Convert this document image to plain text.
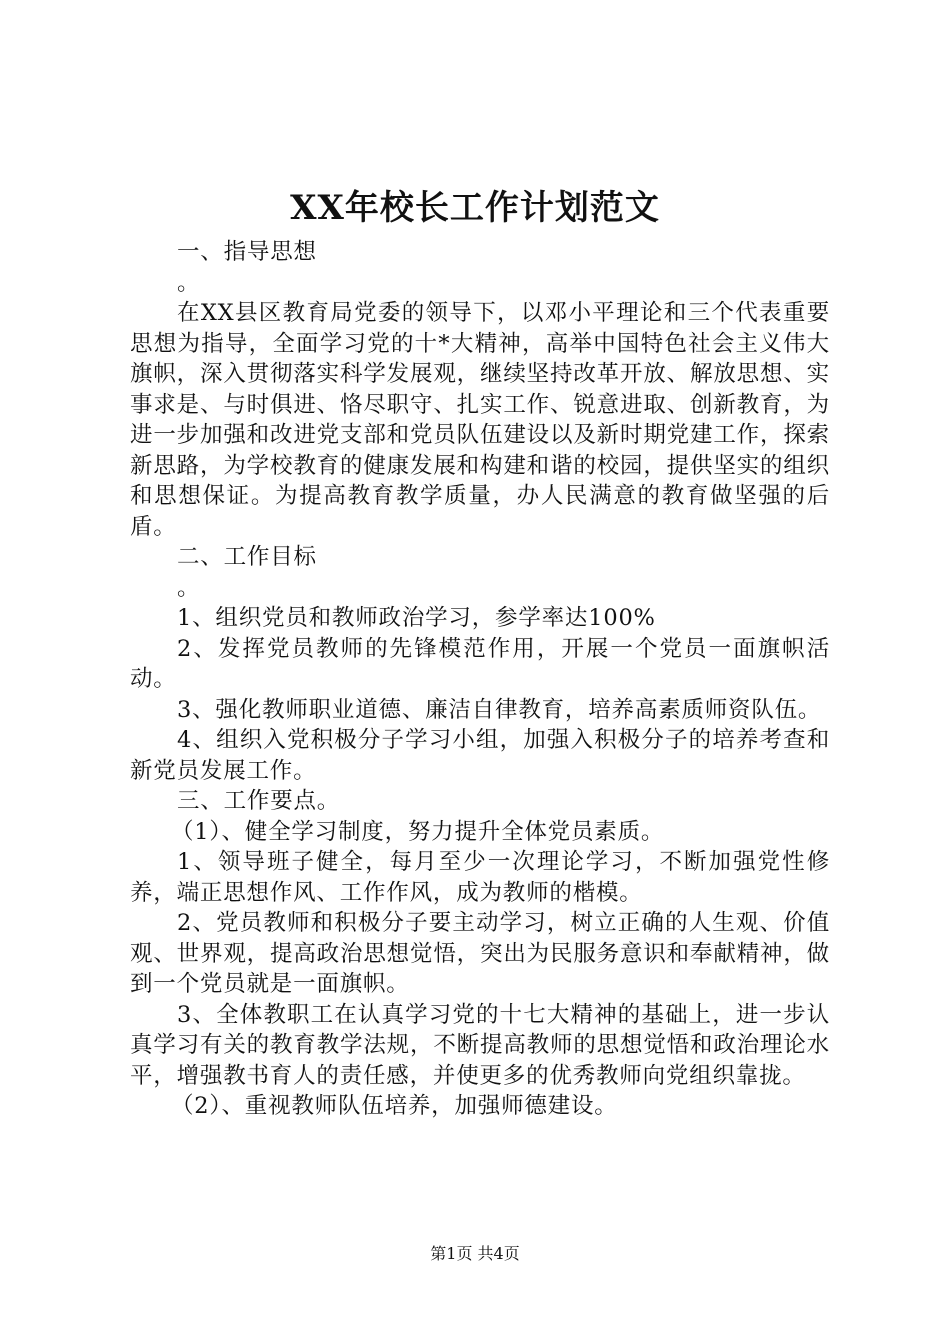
XX年校长工作计划范文

一、指导思想

。

在XX县区教育局党委的领导下，以邓小平理论和三个代表重要思想为指导，全面学习党的十*大精神，高举中国特色社会主义伟大旗帜，深入贯彻落实科学发展观，继续坚持改革开放、解放思想、实事求是、与时俱进、恪尽职守、扎实工作、锐意进取、创新教育，为进一步加强和改进党支部和党员队伍建设以及新时期党建工作，探索新思路，为学校教育的健康发展和构建和谐的校园，提供坚实的组织和思想保证。为提高教育教学质量，办人民满意的教育做坚强的后盾。

二、工作目标

。

1、组织党员和教师政治学习，参学率达100%

2、发挥党员教师的先锋模范作用，开展一个党员一面旗帜活动。

3、强化教师职业道德、廉洁自律教育，培养高素质师资队伍。

4、组织入党积极分子学习小组，加强入积极分子的培养考查和新党员发展工作。

三、工作要点。

（1）、健全学习制度，努力提升全体党员素质。

1、领导班子健全，每月至少一次理论学习，不断加强党性修养，端正思想作风、工作作风，成为教师的楷模。

2、党员教师和积极分子要主动学习，树立正确的人生观、价值观、世界观，提高政治思想觉悟，突出为民服务意识和奉献精神，做到一个党员就是一面旗帜。

3、全体教职工在认真学习党的十七大精神的基础上，进一步认真学习有关的教育教学法规，不断提高教师的思想觉悟和政治理论水平，增强教书育人的责任感，并使更多的优秀教师向党组织靠拢。

（2）、重视教师队伍培养，加强师德建设。

第1页 共4页
